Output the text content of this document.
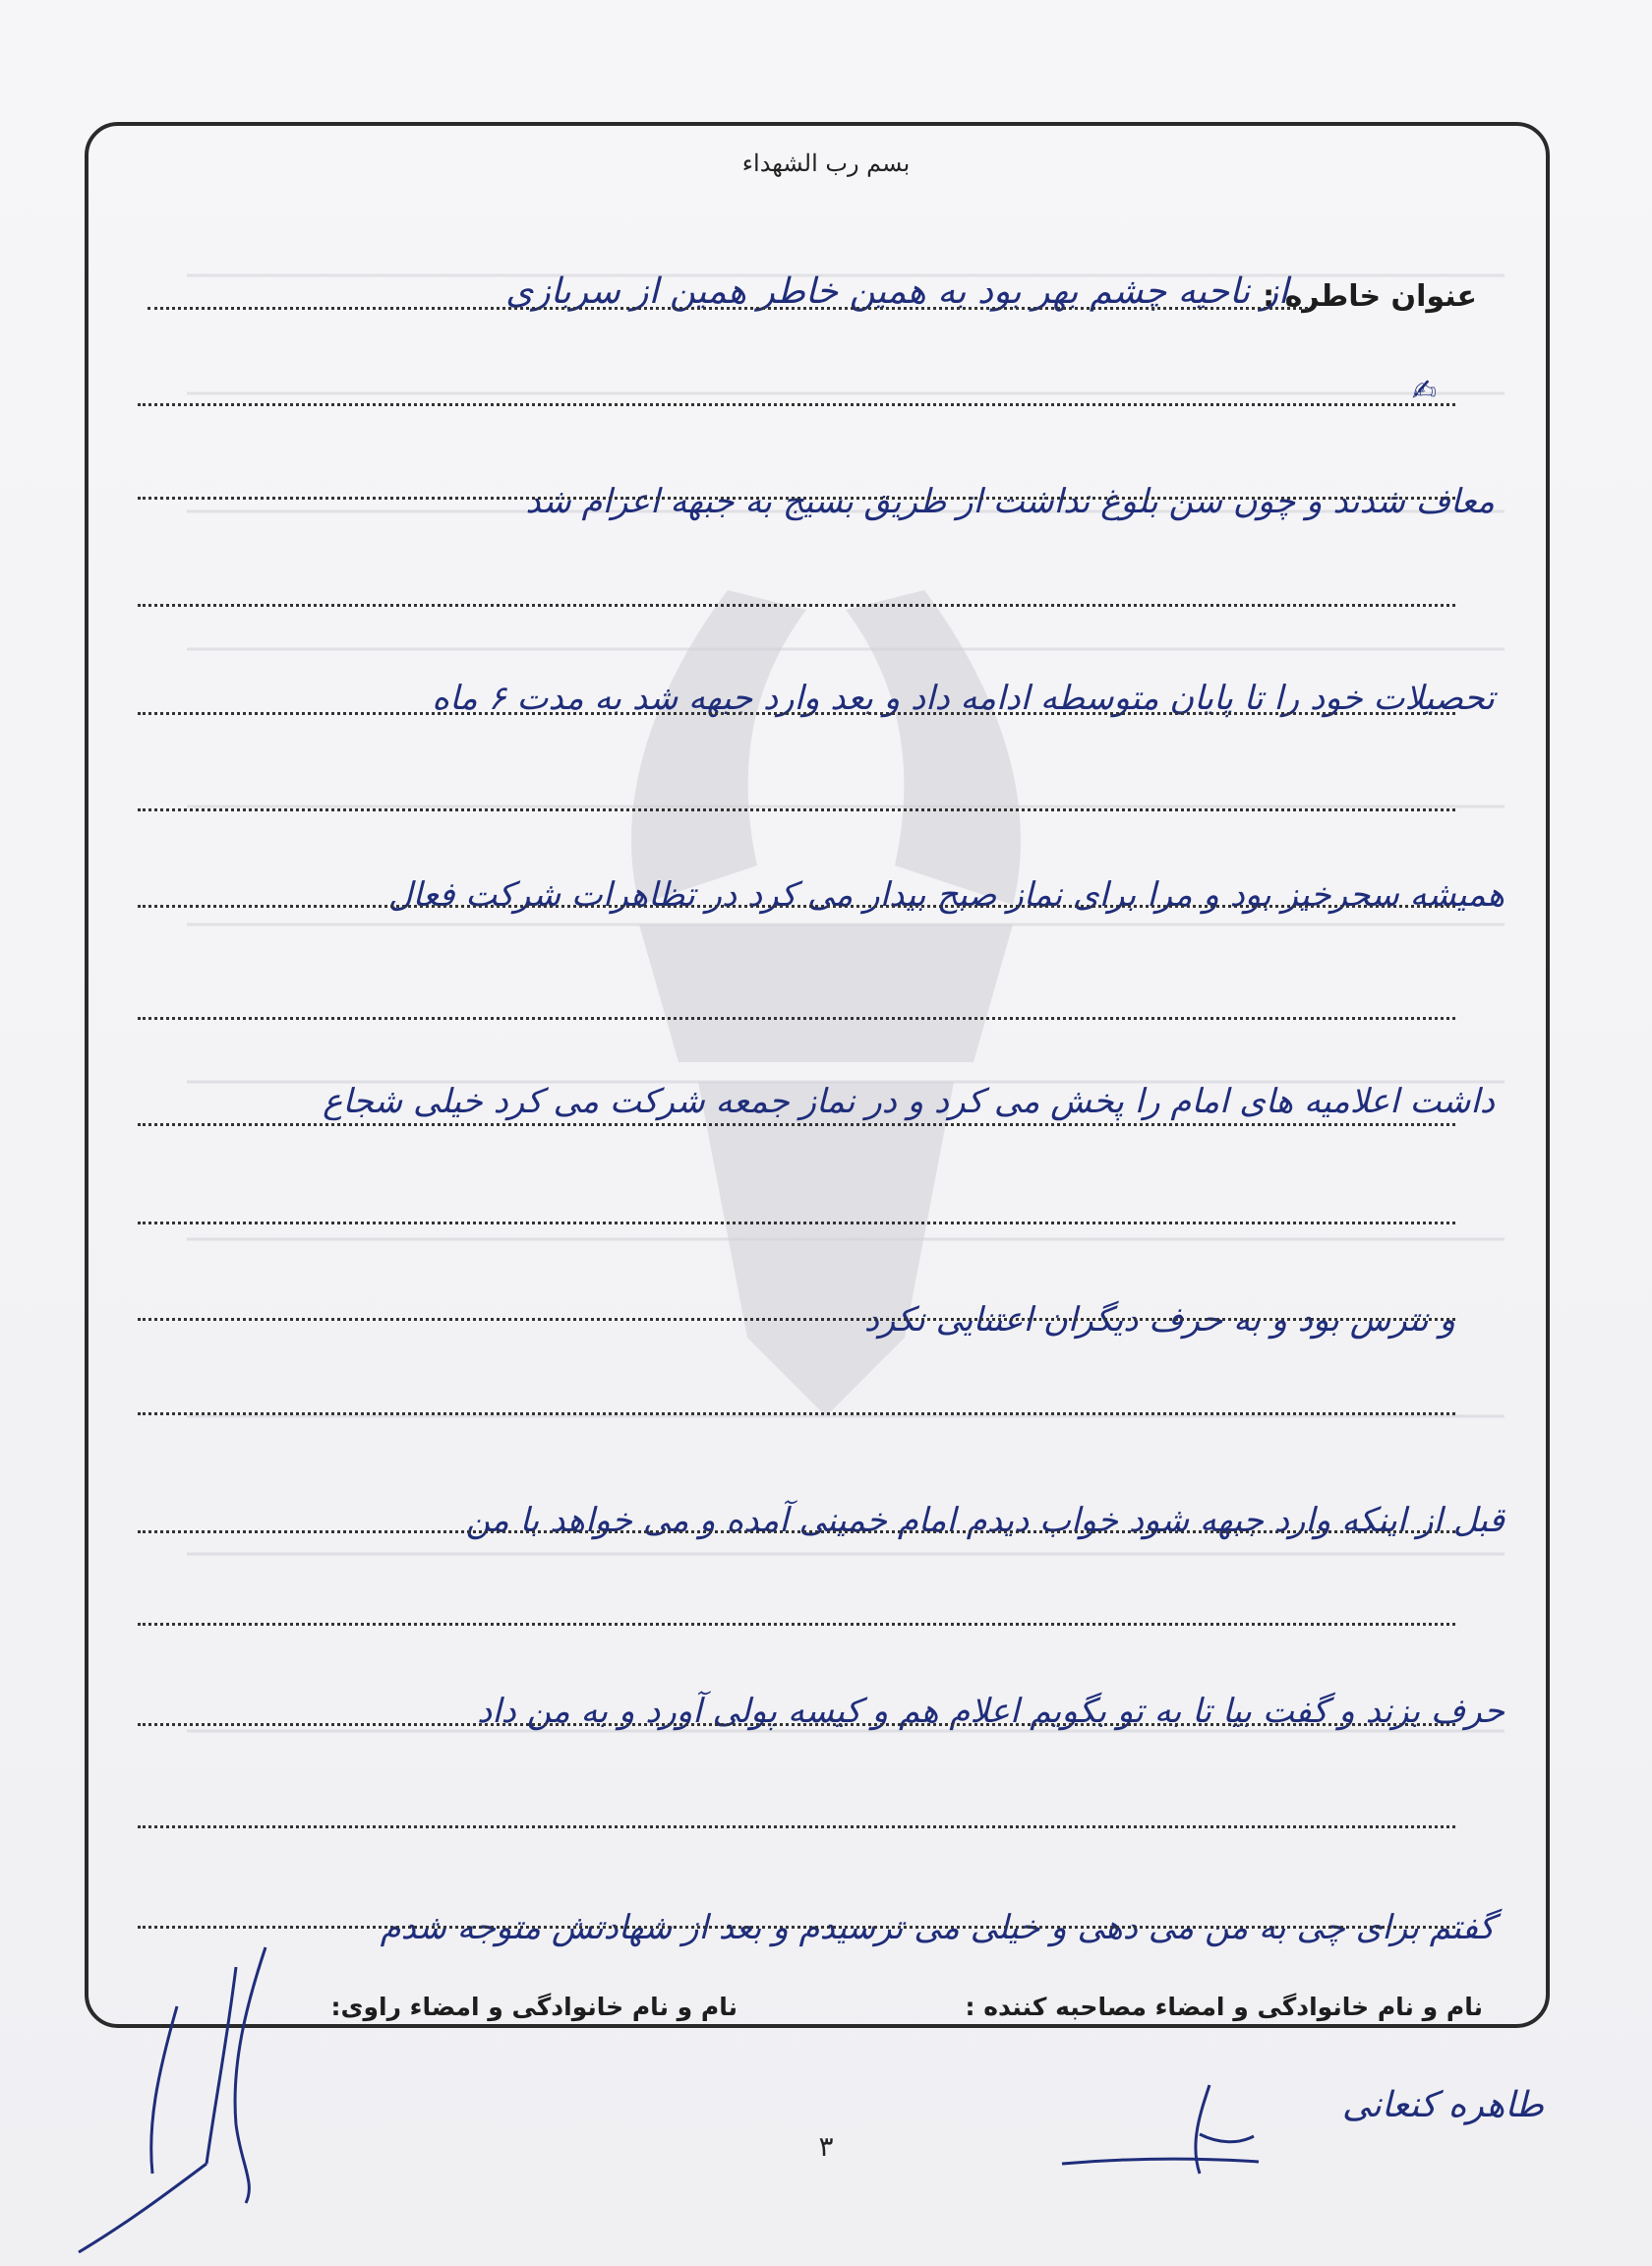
بسم رب الشهداء
عنوان خاطره :
از ناحیه چشم بهر بود به همین خاطر همین از سربازی
✍
معاف شدند و چون سن بلوغ نداشت از طریق بسیج به جبهه اعزام شد
تحصیلات خود را تا پایان متوسطه ادامه داد و بعد وارد جبهه شد به مدت ۶ ماه
همیشه سحرخیز بود و مرا برای نماز صبح بیدار می کرد در تظاهرات شرکت فعال
داشت اعلامیه های امام را پخش می کرد و در نماز جمعه شرکت می کرد خیلی شجاع
و نترس بود و به حرف دیگران اعتنایی نکرد
قبل از اینکه وارد جبهه شود خواب دیدم امام خمینی آمده و می خواهد با من
حرف بزند و گفت بیا تا به تو بگویم اعلام هم و کیسه پولی آورد و به من داد
گفتم برای چی به من می دهی و خیلی می ترسیدم و بعد از شهادتش متوجه شدم
نام و نام خانوادگی و امضاء مصاحبه کننده :
نام و نام خانوادگی و امضاء راوی:
طاهره کنعانی
۳
